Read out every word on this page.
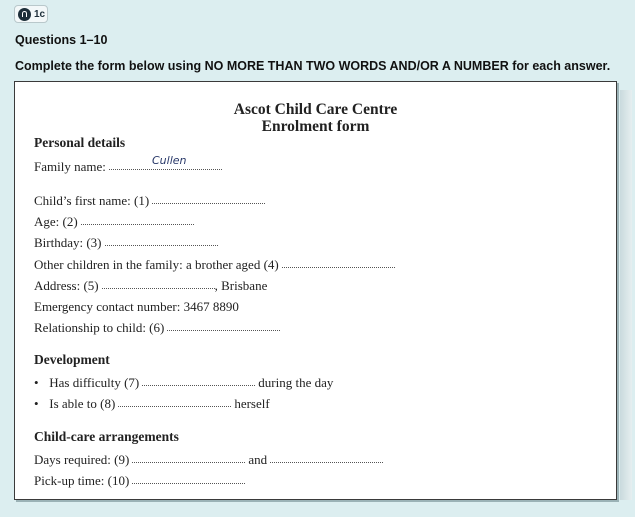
1c
Questions 1–10
Complete the form below using NO MORE THAN TWO WORDS AND/OR A NUMBER for each answer.
Ascot Child Care Centre
Enrolment form
Personal details
Family name:	Cullen
Child’s first name: (1)
Age: (2)
Birthday: (3)
Other children in the family: a brother aged (4)
Address: (5)	, Brisbane
Emergency contact number: 3467 8890
Relationship to child: (6)
Development
• Has difficulty (7)	during the day
• Is able to (8)	herself
Child-care arrangements
Days required: (9)	and
Pick-up time: (10)
